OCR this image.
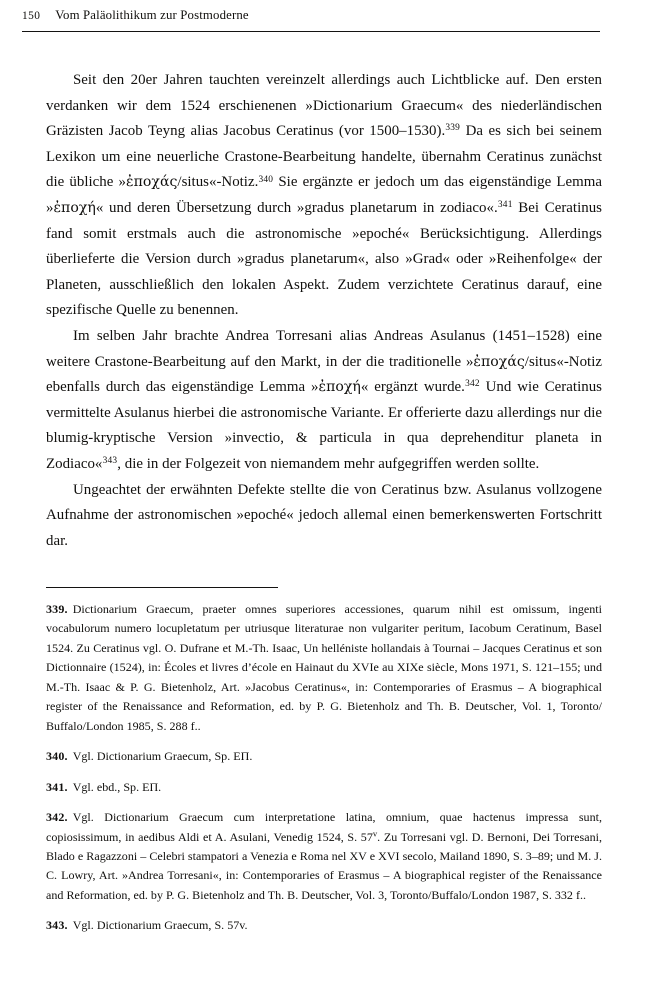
150 Vom Paläolithikum zur Postmoderne

Seit den 20er Jahren tauchten vereinzelt allerdings auch Lichtblicke auf. Den ersten verdanken wir dem 1524 erschienenen »Dictionarium Graecum« des niederländischen Gräzisten Jacob Teyng alias Jacobus Ceratinus (vor 1500–1530).$^{339}$ Da es sich bei seinem Lexikon um eine neuerliche Crastone-Bearbeitung handelte, übernahm Ceratinus zunächst die übliche »ἐποχάς/situs«-Notiz.$^{340}$ Sie ergänzte er jedoch um das eigenständige Lemma »ἐποχή« und deren Übersetzung durch »gradus planetarum in zodiaco«.$^{341}$ Bei Ceratinus fand somit erstmals auch die astronomische »epoché« Berücksichtigung. Allerdings überlieferte die Version durch »gradus planetarum«, also »Grad« oder »Reihenfolge« der Planeten, ausschließlich den lokalen Aspekt. Zudem verzichtete Ceratinus darauf, eine spezifische Quelle zu benennen.

Im selben Jahr brachte Andrea Torresani alias Andreas Asulanus (1451–1528) eine weitere Crastone-Bearbeitung auf den Markt, in der die traditionelle »ἐποχάς/situs«-Notiz ebenfalls durch das eigenständige Lemma »ἐποχή« ergänzt wurde.$^{342}$ Und wie Ceratinus vermittelte Asulanus hierbei die astronomische Variante. Er offerierte dazu allerdings nur die blumig-kryptische Version »invectio, & particula in qua deprehenditur planeta in Zodiaco«$^{343}$, die in der Folgezeit von niemandem mehr aufgegriffen werden sollte.

Ungeachtet der erwähnten Defekte stellte die von Ceratinus bzw. Asulanus vollzogene Aufnahme der astronomischen »epoché« jedoch allemal einen bemerkenswerten Fortschritt dar.

339. Dictionarium Graecum, praeter omnes superiores accessiones, quarum nihil est omissum, ingenti vocabulorum numero locupletatum per utriusque literaturae non vulgariter peritum, Iacobum Ceratinum, Basel 1524. Zu Ceratinus vgl. O. Dufrane et M.-Th. Isaac, Un helléniste hollandais à Tournai – Jacques Ceratinus et son Dictionnaire (1524), in: Écoles et livres d’école en Hainaut du XVIe au XIXe siècle, Mons 1971, S. 121–155; und M.-Th. Isaac & P. G. Bietenholz, Art. »Jacobus Ceratinus«, in: Contemporaries of Erasmus – A biographical register of the Renaissance and Reformation, ed. by P. G. Bietenholz and Th. B. Deutscher, Vol. 1, Toronto/ Buffalo/London 1985, S. 288 f..

340. Vgl. Dictionarium Graecum, Sp. ΕΠ.

341. Vgl. ebd., Sp. ΕΠ.

342. Vgl. Dictionarium Graecum cum interpretatione latina, omnium, quae hactenus impressa sunt, copiosissimum, in aedibus Aldi et A. Asulani, Venedig 1524, S. 57$^v$. Zu Torresani vgl. D. Bernoni, Dei Torresani, Blado e Ragazzoni – Celebri stampatori a Venezia e Roma nel XV e XVI secolo, Mailand 1890, S. 3–89; und M. J. C. Lowry, Art. »Andrea Torresani«, in: Contemporaries of Erasmus – A biographical register of the Renaissance and Reformation, ed. by P. G. Bietenholz and Th. B. Deutscher, Vol. 3, Toronto/Buffalo/London 1987, S. 332 f..

343. Vgl. Dictionarium Graecum, S. 57v.
